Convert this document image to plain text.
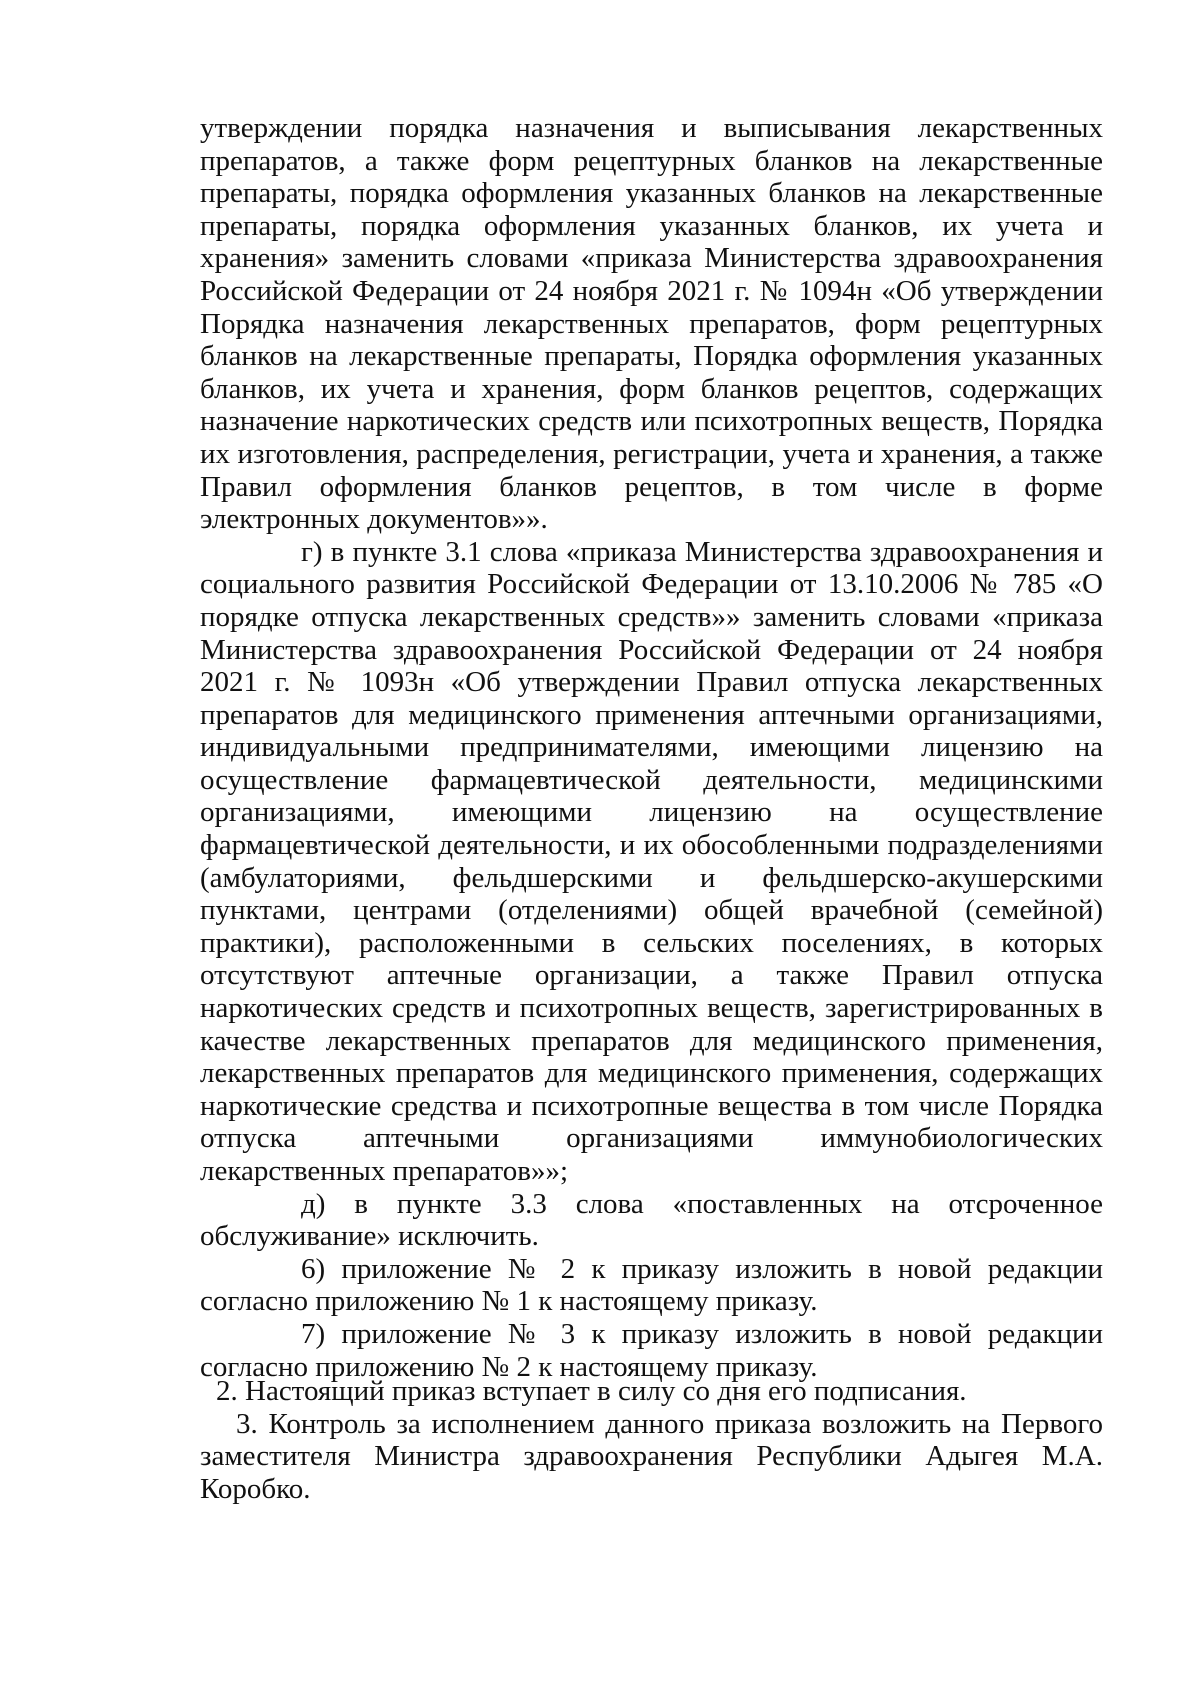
утверждении порядка назначения и выписывания лекарственных препаратов, а также форм рецептурных бланков на лекарственные препараты, порядка оформления указанных бланков на лекарственные препараты, порядка оформления указанных бланков, их учета и хранения» заменить словами «приказа Министерства здравоохранения Российской Федерации от 24 ноября 2021 г. № 1094н «Об утверждении Порядка назначения лекарственных препаратов, форм рецептурных бланков на лекарственные препараты, Порядка оформления указанных бланков, их учета и хранения, форм бланков рецептов, содержащих назначение наркотических средств или психотропных веществ, Порядка их изготовления, распределения, регистрации, учета и хранения, а также Правил оформления бланков рецептов, в том числе в форме электронных документов»».

г) в пункте 3.1 слова «приказа Министерства здравоохранения и социального развития Российской Федерации от 13.10.2006 № 785 «О порядке отпуска лекарственных средств»» заменить словами «приказа Министерства здравоохранения Российской Федерации от 24 ноября 2021 г. № 1093н «Об утверждении Правил отпуска лекарственных препаратов для медицинского применения аптечными организациями, индивидуальными предпринимателями, имеющими лицензию на осуществление фармацевтической деятельности, медицинскими организациями, имеющими лицензию на осуществление фармацевтической деятельности, и их обособленными подразделениями (амбулаториями, фельдшерскими и фельдшерско-акушерскими пунктами, центрами (отделениями) общей врачебной (семейной) практики), расположенными в сельских поселениях, в которых отсутствуют аптечные организации, а также Правил отпуска наркотических средств и психотропных веществ, зарегистрированных в качестве лекарственных препаратов для медицинского применения, лекарственных препаратов для медицинского применения, содержащих наркотические средства и психотропные вещества в том числе Порядка отпуска аптечными организациями иммунобиологических лекарственных препаратов»»;

д) в пункте 3.3 слова «поставленных на отсроченное обслуживание» исключить.

6) приложение № 2 к приказу изложить в новой редакции согласно приложению № 1 к настоящему приказу.

7) приложение № 3 к приказу изложить в новой редакции согласно приложению № 2 к настоящему приказу.

2. Настоящий приказ вступает в силу со дня его подписания.

3. Контроль за исполнением данного приказа возложить на Первого заместителя Министра здравоохранения Республики Адыгея М.А. Коробко.
